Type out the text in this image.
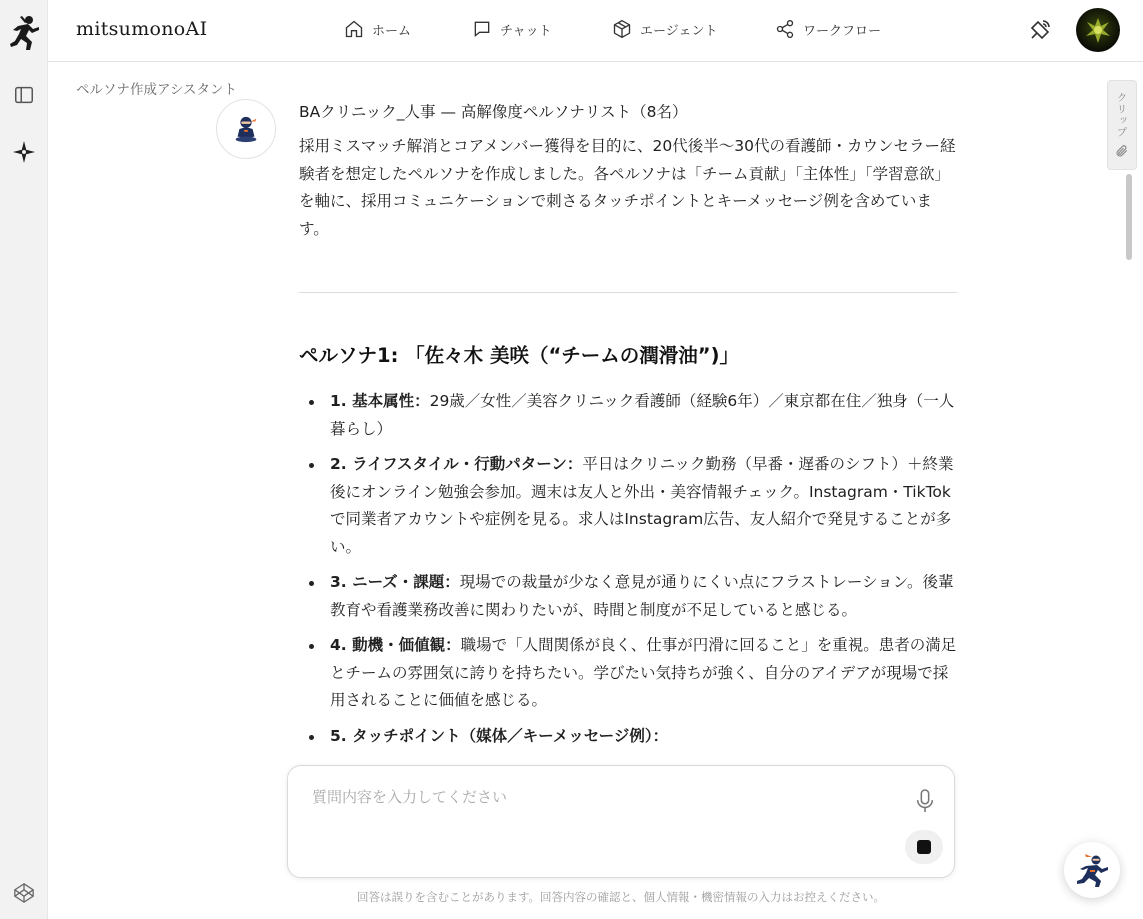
mitsumonoAI	ホーム	チャット	エージェント	ワークフロー
ペルソナ作成アシスタント
クリップ
BAクリニック_人事 — 高解像度ペルソナリスト（8名）
採用ミスマッチ解消とコアメンバー獲得を目的に、20代後半〜30代の看護師・カウンセラー経験者を想定したペルソナを作成しました。各ペルソナは「チーム貢献」「主体性」「学習意欲」を軸に、採用コミュニケーションで刺さるタッチポイントとキーメッセージ例を含めています。
ペルソナ1: 「佐々木 美咲（“チームの潤滑油”)」
1. 基本属性：29歳／女性／美容クリニック看護師（経験6年）／東京都在住／独身（一人暮らし）
2. ライフスタイル・行動パターン：平日はクリニック勤務（早番・遅番のシフト）＋終業後にオンライン勉強会参加。週末は友人と外出・美容情報チェック。Instagram・TikTokで同業者アカウントや症例を見る。求人はInstagram広告、友人紹介で発見することが多い。
3. ニーズ・課題：現場での裁量が少なく意見が通りにくい点にフラストレーション。後輩教育や看護業務改善に関わりたいが、時間と制度が不足していると感じる。
4. 動機・価値観：職場で「人間関係が良く、仕事が円滑に回ること」を重視。患者の満足とチームの雰囲気に誇りを持ちたい。学びたい気持ちが強く、自分のアイデアが現場で採用されることに価値を感じる。
5. タッチポイント（媒体／キーメッセージ例）：
質問内容を入力してください
回答は誤りを含むことがあります。回答内容の確認と、個人情報・機密情報の入力はお控えください。
